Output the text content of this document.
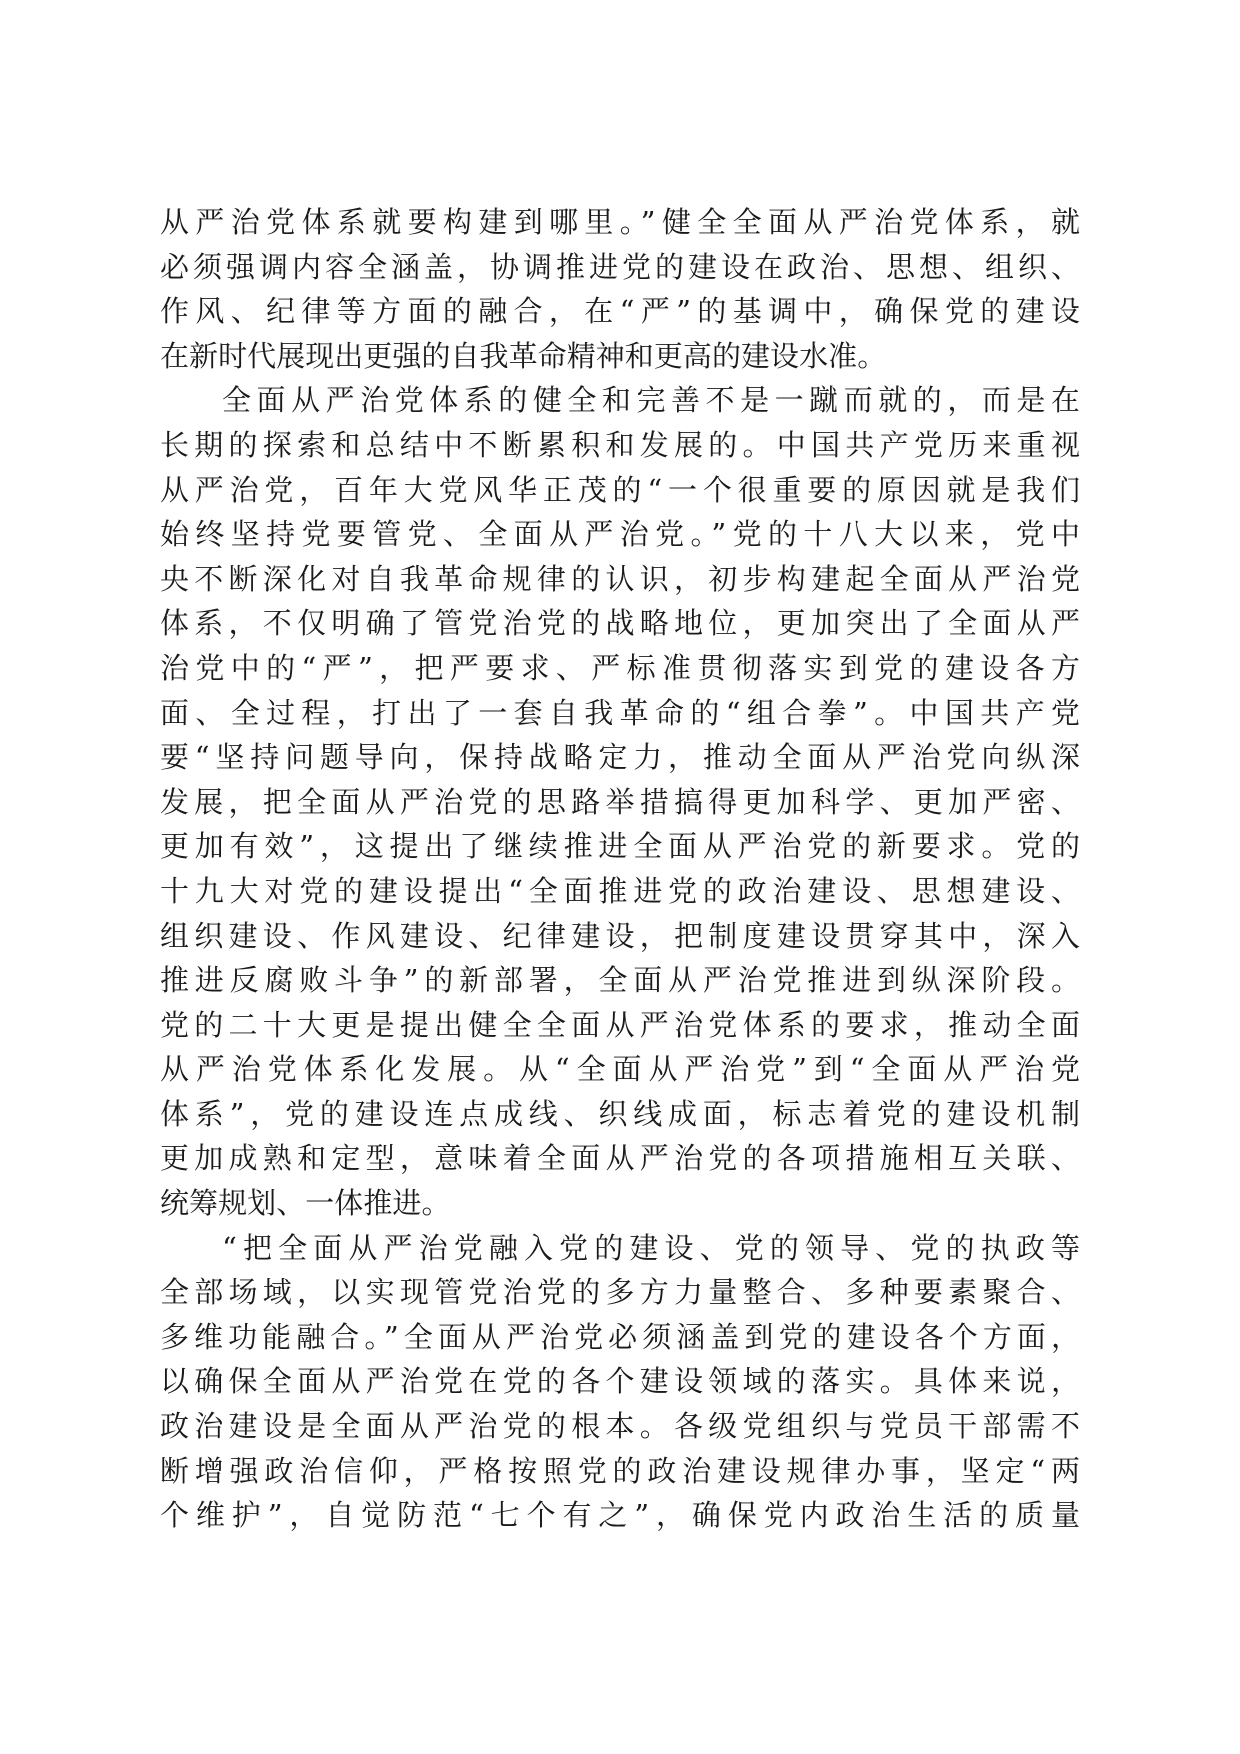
从严治党体系就要构建到哪里。”健全全面从严治党体系，就
必须强调内容全涵盖，协调推进党的建设在政治、思想、组织、
作风、纪律等方面的融合，在“严”的基调中，确保党的建设
在新时代展现出更强的自我革命精神和更高的建设水准。
全面从严治党体系的健全和完善不是一蹴而就的，而是在
长期的探索和总结中不断累积和发展的。中国共产党历来重视
从严治党，百年大党风华正茂的“一个很重要的原因就是我们
始终坚持党要管党、全面从严治党。”党的十八大以来，党中
央不断深化对自我革命规律的认识，初步构建起全面从严治党
体系，不仅明确了管党治党的战略地位，更加突出了全面从严
治党中的“严”，把严要求、严标准贯彻落实到党的建设各方
面、全过程，打出了一套自我革命的“组合拳”。中国共产党
要“坚持问题导向，保持战略定力，推动全面从严治党向纵深
发展，把全面从严治党的思路举措搞得更加科学、更加严密、
更加有效”，这提出了继续推进全面从严治党的新要求。党的
十九大对党的建设提出“全面推进党的政治建设、思想建设、
组织建设、作风建设、纪律建设，把制度建设贯穿其中，深入
推进反腐败斗争”的新部署，全面从严治党推进到纵深阶段。
党的二十大更是提出健全全面从严治党体系的要求，推动全面
从严治党体系化发展。从“全面从严治党”到“全面从严治党
体系”，党的建设连点成线、织线成面，标志着党的建设机制
更加成熟和定型，意味着全面从严治党的各项措施相互关联、
统筹规划、一体推进。
“把全面从严治党融入党的建设、党的领导、党的执政等
全部场域，以实现管党治党的多方力量整合、多种要素聚合、
多维功能融合。”全面从严治党必须涵盖到党的建设各个方面，
以确保全面从严治党在党的各个建设领域的落实。具体来说，
政治建设是全面从严治党的根本。各级党组织与党员干部需不
断增强政治信仰，严格按照党的政治建设规律办事，坚定“两
个维护”，自觉防范“七个有之”，确保党内政治生活的质量
